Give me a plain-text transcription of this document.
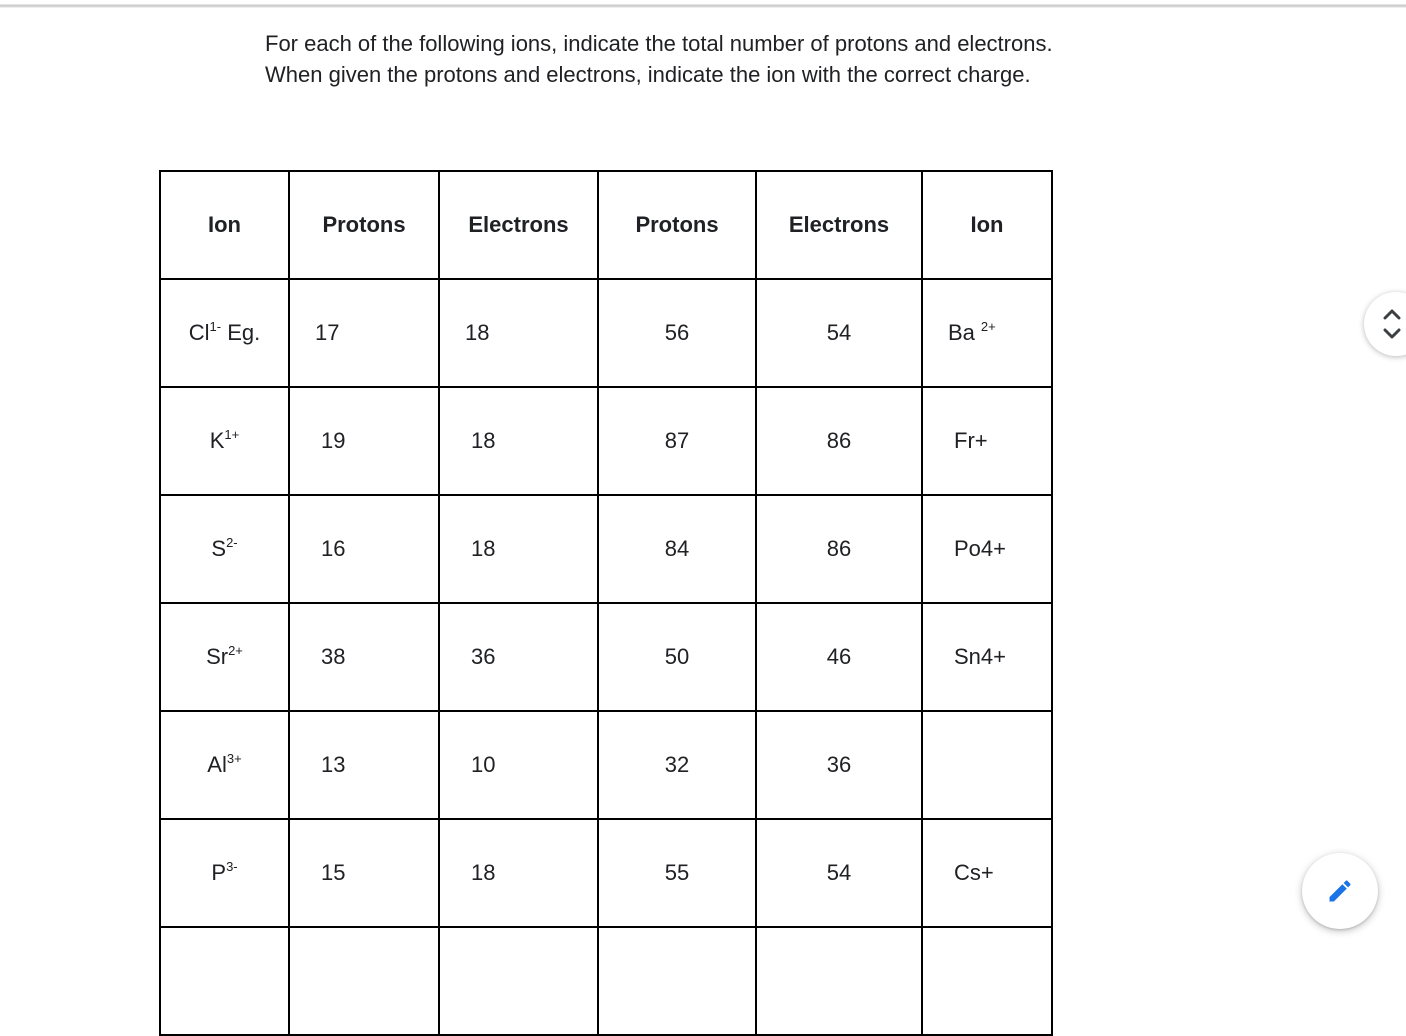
For each of the following ions, indicate the total number of protons and electrons.

When given the protons and electrons, indicate the ion with the correct charge.

Ion	Protons	Electrons	Protons	Electrons	Ion
$Cl^{1-}$ Eg.	17	18	56	54	Ba $^{2+}$
$K^{1+}$	19	18	87	86	Fr+
$S^{2-}$	16	18	84	86	Po4+
$Sr^{2+}$	38	36	50	46	Sn4+
$Al^{3+}$	13	10	32	36	
$P^{3-}$	15	18	55	54	Cs+
